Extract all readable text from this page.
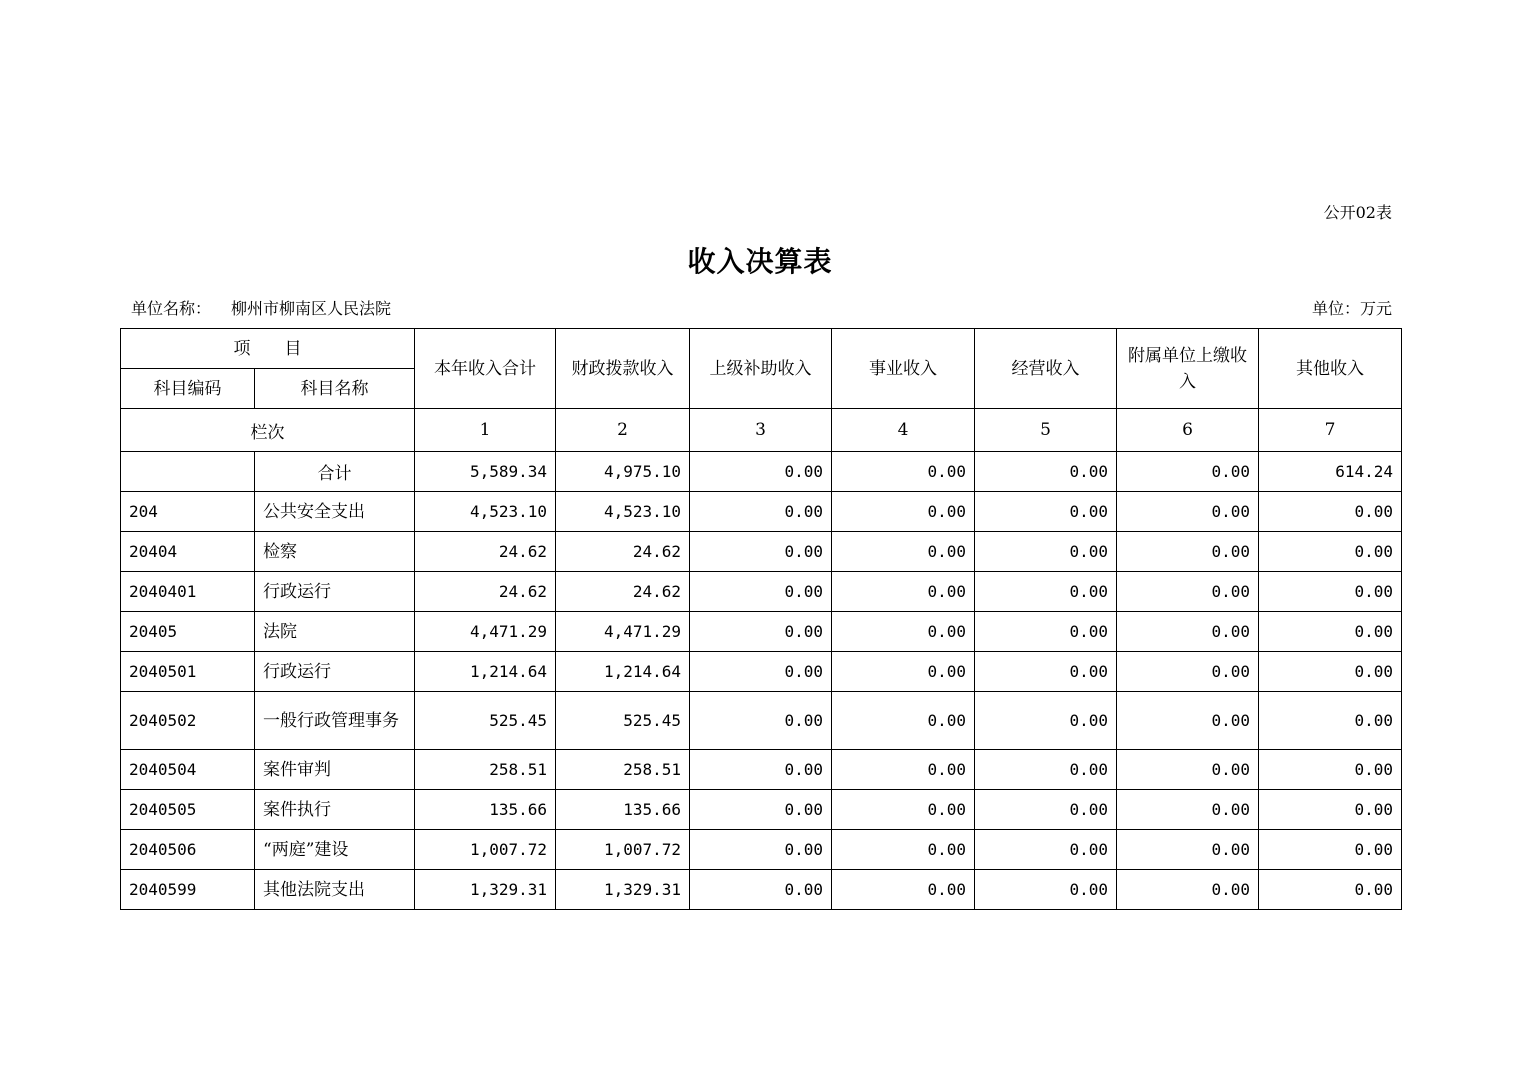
公开02表
收入决算表
单位名称： 柳州市柳南区人民法院	单位：万元
项　　目		本年收入合计	财政拨款收入	上级补助收入	事业收入	经营收入	附属单位上缴收入	其他收入
科目编码	科目名称							
栏次		1	2	3	4	5	6	7
	合计	5,589.34	4,975.10	0.00	0.00	0.00	0.00	614.24
204	公共安全支出	4,523.10	4,523.10	0.00	0.00	0.00	0.00	0.00
20404	检察	24.62	24.62	0.00	0.00	0.00	0.00	0.00
2040401	行政运行	24.62	24.62	0.00	0.00	0.00	0.00	0.00
20405	法院	4,471.29	4,471.29	0.00	0.00	0.00	0.00	0.00
2040501	行政运行	1,214.64	1,214.64	0.00	0.00	0.00	0.00	0.00
2040502	一般行政管理事务	525.45	525.45	0.00	0.00	0.00	0.00	0.00
2040504	案件审判	258.51	258.51	0.00	0.00	0.00	0.00	0.00
2040505	案件执行	135.66	135.66	0.00	0.00	0.00	0.00	0.00
2040506	“两庭”建设	1,007.72	1,007.72	0.00	0.00	0.00	0.00	0.00
2040599	其他法院支出	1,329.31	1,329.31	0.00	0.00	0.00	0.00	0.00
